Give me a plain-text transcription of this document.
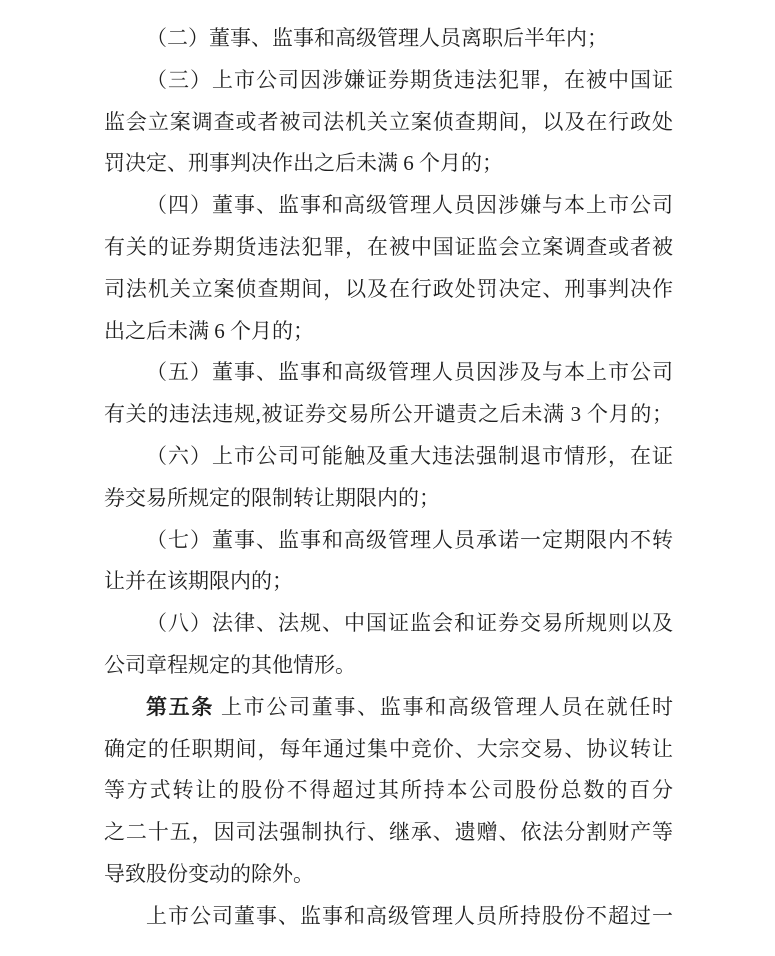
（二）董事、监事和高级管理人员离职后半年内；
（三）上市公司因涉嫌证券期货违法犯罪，在被中国证
监会立案调查或者被司法机关立案侦查期间，以及在行政处
罚决定、刑事判决作出之后未满 6 个月的；
（四）董事、监事和高级管理人员因涉嫌与本上市公司
有关的证券期货违法犯罪，在被中国证监会立案调查或者被
司法机关立案侦查期间，以及在行政处罚决定、刑事判决作
出之后未满 6 个月的；
（五）董事、监事和高级管理人员因涉及与本上市公司
有关的违法违规,被证券交易所公开谴责之后未满 3 个月的；
（六）上市公司可能触及重大违法强制退市情形，在证
券交易所规定的限制转让期限内的；
（七）董事、监事和高级管理人员承诺一定期限内不转
让并在该期限内的；
（八）法律、法规、中国证监会和证券交易所规则以及
公司章程规定的其他情形。
第五条 上市公司董事、监事和高级管理人员在就任时
确定的任职期间，每年通过集中竞价、大宗交易、协议转让
等方式转让的股份不得超过其所持本公司股份总数的百分
之二十五，因司法强制执行、继承、遗赠、依法分割财产等
导致股份变动的除外。
上市公司董事、监事和高级管理人员所持股份不超过一
